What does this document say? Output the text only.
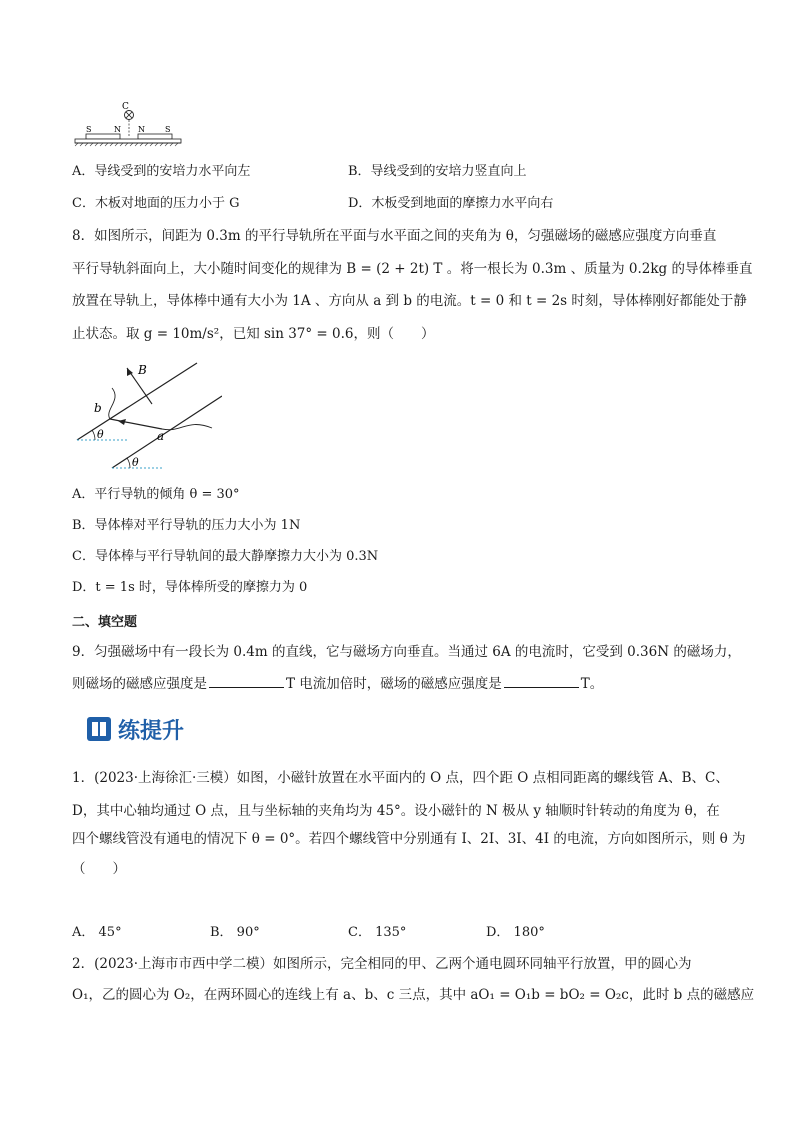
C
S	N N	S
A．导线受到的安培力水平向左	B．导线受到的安培力竖直向上
C．木板对地面的压力小于 G	D．木板受到地面的摩擦力水平向右
8．如图所示，间距为 0.3m 的平行导轨所在平面与水平面之间的夹角为 θ，匀强磁场的磁感应强度方向垂直
平行导轨斜面向上，大小随时间变化的规律为 B = (2 + 2t) T 。将一根长为 0.3m 、质量为 0.2kg 的导体棒垂直
放置在导轨上，导体棒中通有大小为 1A 、方向从 a 到 b 的电流。t = 0 和 t = 2s 时刻，导体棒刚好都能处于静
止状态。取 g = 10m/s²，已知 sin 37° = 0.6，则（　　）
θ
θ
B
b
a
A．平行导轨的倾角 θ = 30°
B．导体棒对平行导轨的压力大小为 1N
C．导体棒与平行导轨间的最大静摩擦力大小为 0.3N
D．t = 1s 时，导体棒所受的摩擦力为 0
二、填空题
9．匀强磁场中有一段长为 0.4m 的直线，它与磁场方向垂直。当通过 6A 的电流时，它受到 0.36N 的磁场力，
则磁场的磁感应强度是	T 电流加倍时，磁场的磁感应强度是	T。
练提升
1．(2023·上海徐汇·三模）如图，小磁针放置在水平面内的 O 点，四个距 O 点相同距离的螺线管 A、B、C、
D，其中心轴均通过 O 点，且与坐标轴的夹角均为 45°。设小磁针的 N 极从 y 轴顺时针转动的角度为 θ，在
四个螺线管没有通电的情况下 θ = 0°。若四个螺线管中分别通有 I、2I、3I、4I 的电流，方向如图所示，则 θ 为
（　　）
A． 45°	B． 90°	C． 135°	D． 180°
2．(2023·上海市市西中学二模）如图所示，完全相同的甲、乙两个通电圆环同轴平行放置，甲的圆心为
O₁，乙的圆心为 O₂，在两环圆心的连线上有 a、b、c 三点，其中 aO₁ = O₁b = bO₂ = O₂c，此时 b 点的磁感应
